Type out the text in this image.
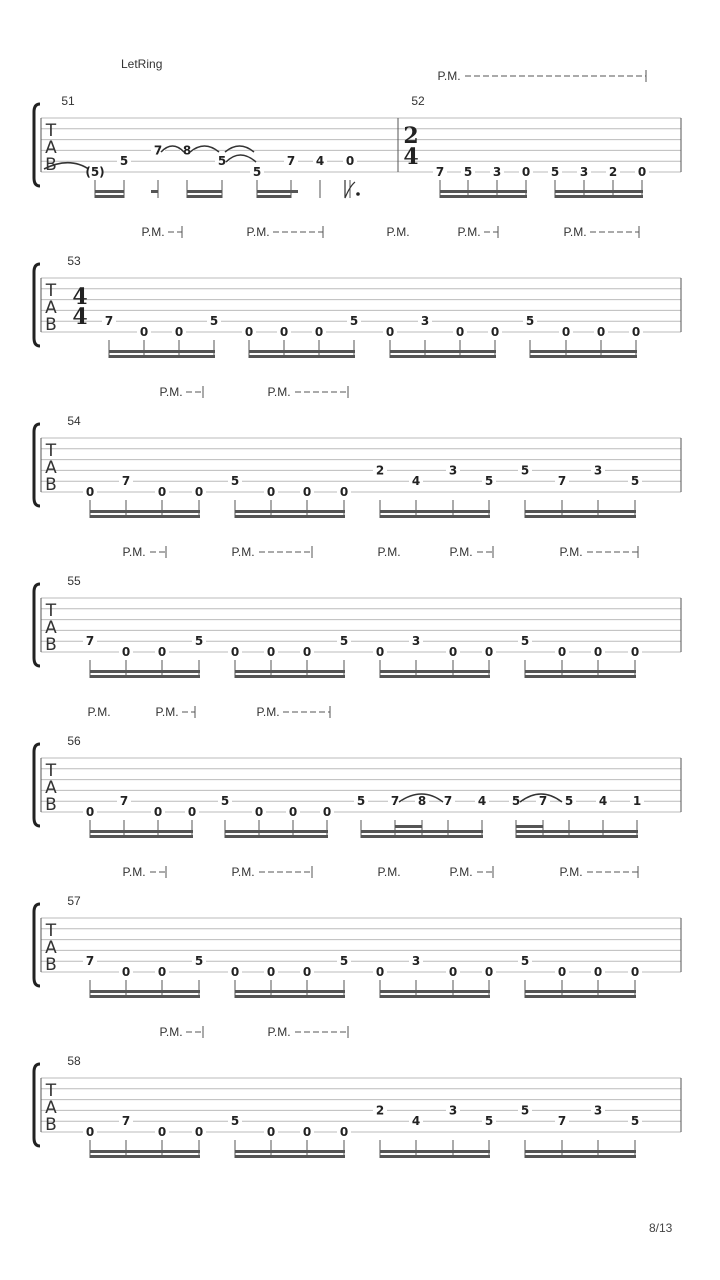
T
A
B
51	52
LetRing
(5)
5
7 8
5
5
7 4 0
2
4
7 5 3 0 5 3 2 0
P.M.
T
A
B
53
4
4 7
0 0
5
0 0 0
5
0
3
0 0
5
0 0 0
P.M.	P.M.	P.M.	P.M.	P.M.
T
A
B
54
0
7
0 0
5
0 0 0
2
4
3
5
5
7
3
5
P.M.	P.M.
T
A
B
55
7
0 0
5
0 0 0
5
0
3
0 0
5
0 0 0
P.M.	P.M.	P.M.	P.M.	P.M.
T
A
B
56
0
7
0 0
5
0 0 0
5 7 8 7 4 5 7 5 4 1
P.M.	P.M.	P.M.
T
A
B
57
7
0 0
5
0 0 0
5
0
3
0 0
5
0 0 0
P.M.	P.M.	P.M.	P.M.	P.M.
T
A
B
58
0
7
0 0
5
0 0 0
2
4
3
5
5
7
3
5
P.M.	P.M.
8/13
